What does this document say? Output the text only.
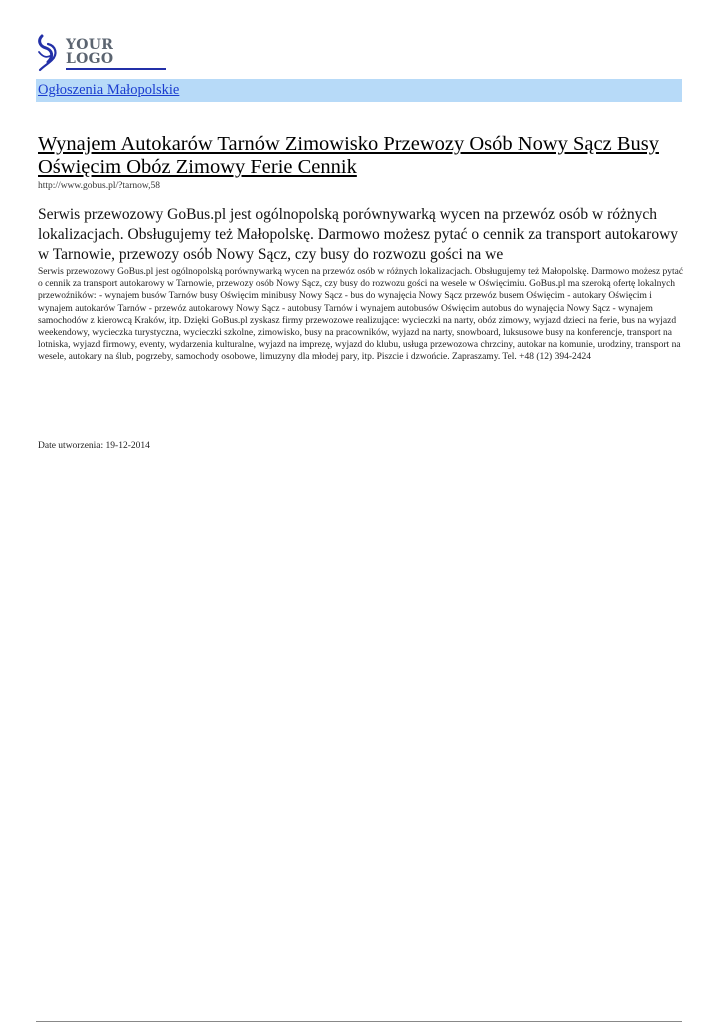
YOUR
LOGO
Ogłoszenia Małopolskie
Wynajem Autokarów Tarnów Zimowisko Przewozy Osób Nowy Sącz Busy Oświęcim Obóz Zimowy Ferie Cennik
http://www.gobus.pl/?tarnow,58

Serwis przewozowy GoBus.pl jest ogólnopolską porównywarką wycen na przewóz osób w różnych lokalizacjach. Obsługujemy też Małopolskę. Darmowo możesz pytać o cennik za transport autokarowy w Tarnowie, przewozy osób Nowy Sącz, czy busy do rozwozu gości na we

Serwis przewozowy GoBus.pl jest ogólnopolską porównywarką wycen na przewóz osób w różnych lokalizacjach. Obsługujemy też Małopolskę. Darmowo możesz pytać o cennik za transport autokarowy w Tarnowie, przewozy osób Nowy Sącz, czy busy do rozwozu gości na wesele w Oświęcimiu. GoBus.pl ma szeroką ofertę lokalnych przewoźników: - wynajem busów Tarnów busy Oświęcim minibusy Nowy Sącz - bus do wynajęcia Nowy Sącz przewóz busem Oświęcim - autokary Oświęcim i wynajem autokarów Tarnów - przewóz autokarowy Nowy Sącz - autobusy Tarnów i wynajem autobusów Oświęcim autobus do wynajęcia Nowy Sącz - wynajem samochodów z kierowcą Kraków, itp. Dzięki GoBus.pl zyskasz firmy przewozowe realizujące: wycieczki na narty, obóz zimowy, wyjazd dzieci na ferie, bus na wyjazd weekendowy, wycieczka turystyczna, wycieczki szkolne, zimowisko, busy na pracowników, wyjazd na narty, snowboard, luksusowe busy na konferencje, transport na lotniska, wyjazd firmowy, eventy, wydarzenia kulturalne, wyjazd na imprezę, wyjazd do klubu, usługa przewozowa chrzciny, autokar na komunie, urodziny, transport na wesele, autokary na ślub, pogrzeby, samochody osobowe, limuzyny dla młodej pary, itp. Piszcie i dzwońcie. Zapraszamy. Tel. +48 (12) 394-2424

Date utworzenia: 19-12-2014
